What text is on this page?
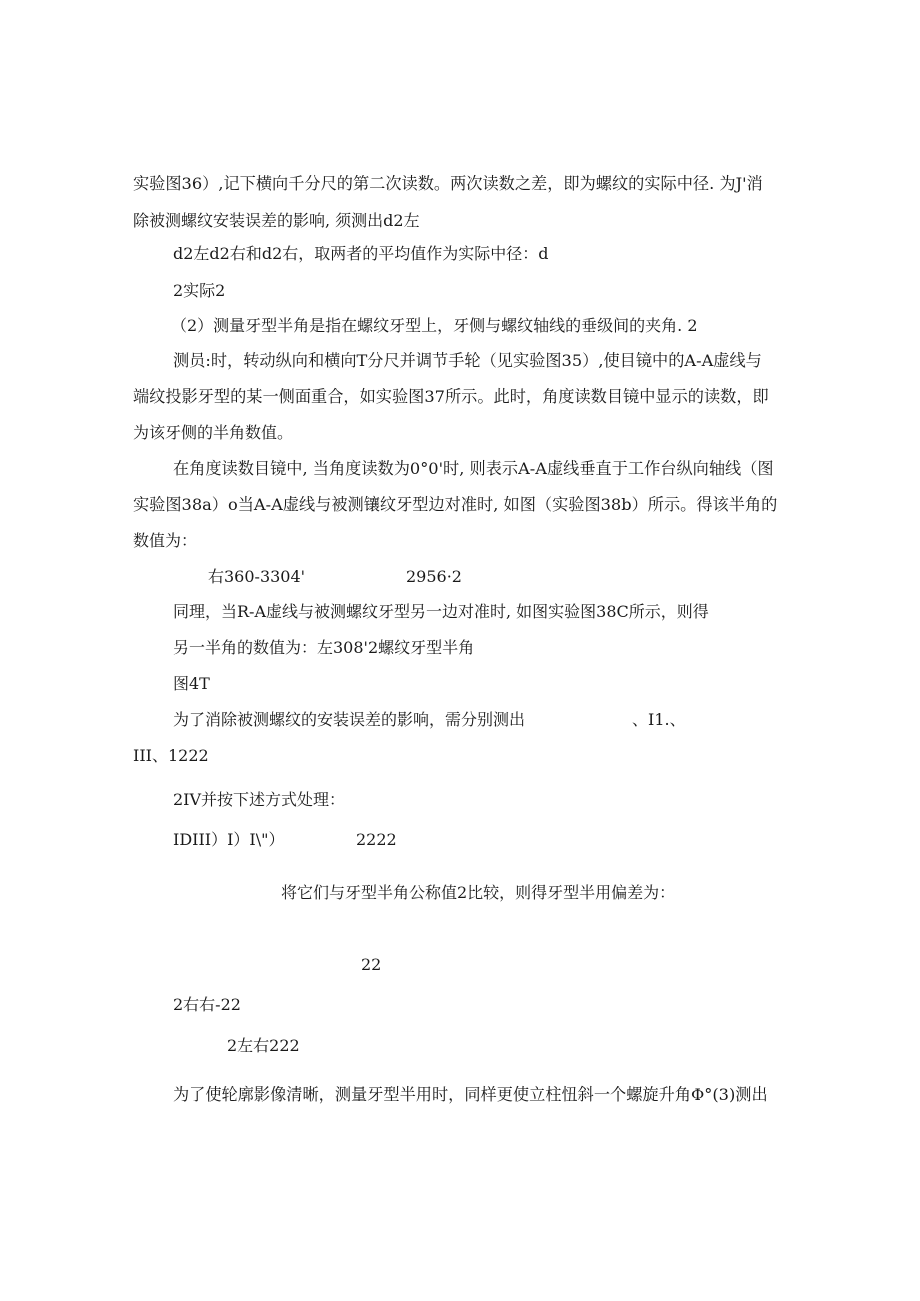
实验图36）,记下横向千分尺的第二次读数。两次读数之差，即为螺纹的实际中径. 为J'消
除被测螺纹安装误差的影响, 须测出d2左
d2左d2右和d2右，取两者的平均值作为实际中径：d
2实际2
（2）测量牙型半角是指在螺纹牙型上，牙侧与螺纹轴线的垂级间的夹角. 2
测员:时，转动纵向和横向T分尺并调节手轮（见实验图35）,使目镜中的A-A虚线与
端纹投影牙型的某一侧面重合，如实验图37所示。此时，角度读数目镜中显示的读数，即
为该牙侧的半角数值。
在角度读数目镜中, 当角度读数为0°0'时, 则表示A-A虚线垂直于工作台纵向轴线（图
实验图38a）o当A-A虚线与被测镶纹牙型边对准时, 如图（实验图38b）所示。得该半角的
数值为：
右360-3304'	2956·2
同理，当R-A虚线与被测螺纹牙型另一边对准时, 如图实验图38C所示，则得
另一半角的数值为：左308'2螺纹牙型半角
图4T
为了消除被测螺纹的安装误差的影响，需分别测出	、I1.、
III、1222
2IV并按下述方式处理：
IDIII）I）I\"）	2222
将它们与牙型半角公称值2比较，则得牙型半用偏差为：
22
2右右-22
2左右222
为了使轮廓影像清晰，测量牙型半用时，同样更使立柱忸斜一个螺旋升角Φ°(3)测出
